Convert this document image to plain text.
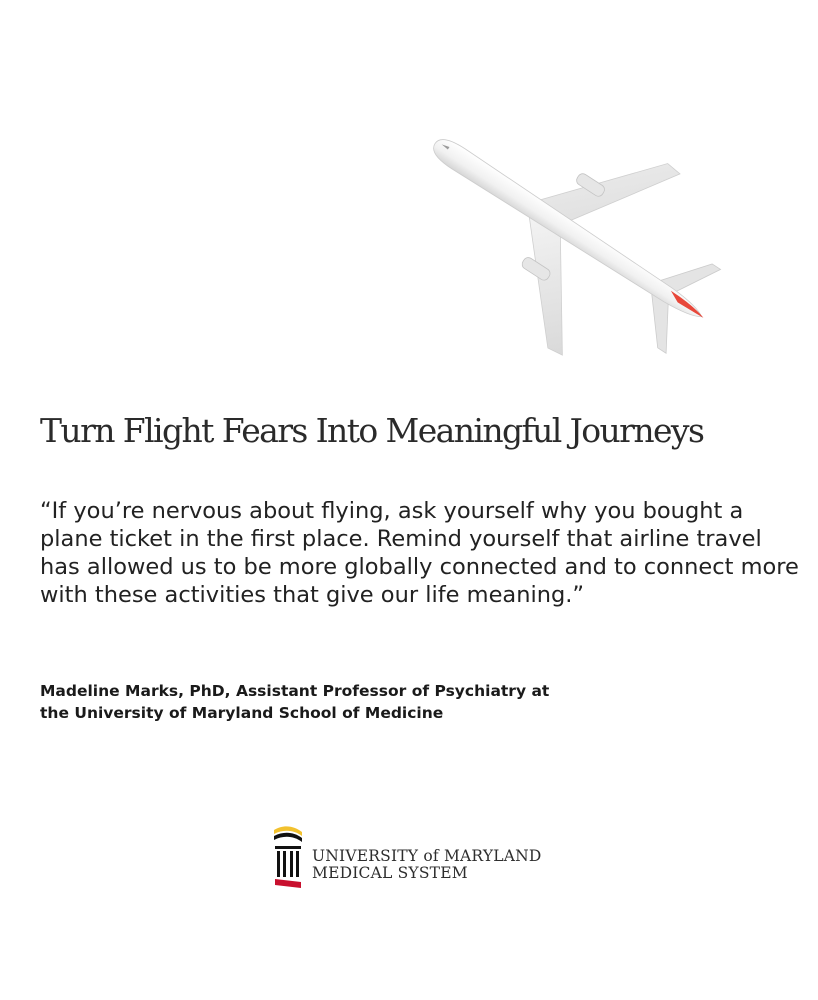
Turn Flight Fears Into Meaningful Journeys

“If you’re nervous about flying, ask yourself why you bought a plane ticket in the first place. Remind yourself that airline travel has allowed us to be more globally connected and to connect more with these activities that give our life meaning.”

Madeline Marks, PhD, Assistant Professor of Psychiatry at
the University of Maryland School of Medicine

UNIVERSITY of MARYLAND
MEDICAL SYSTEM
